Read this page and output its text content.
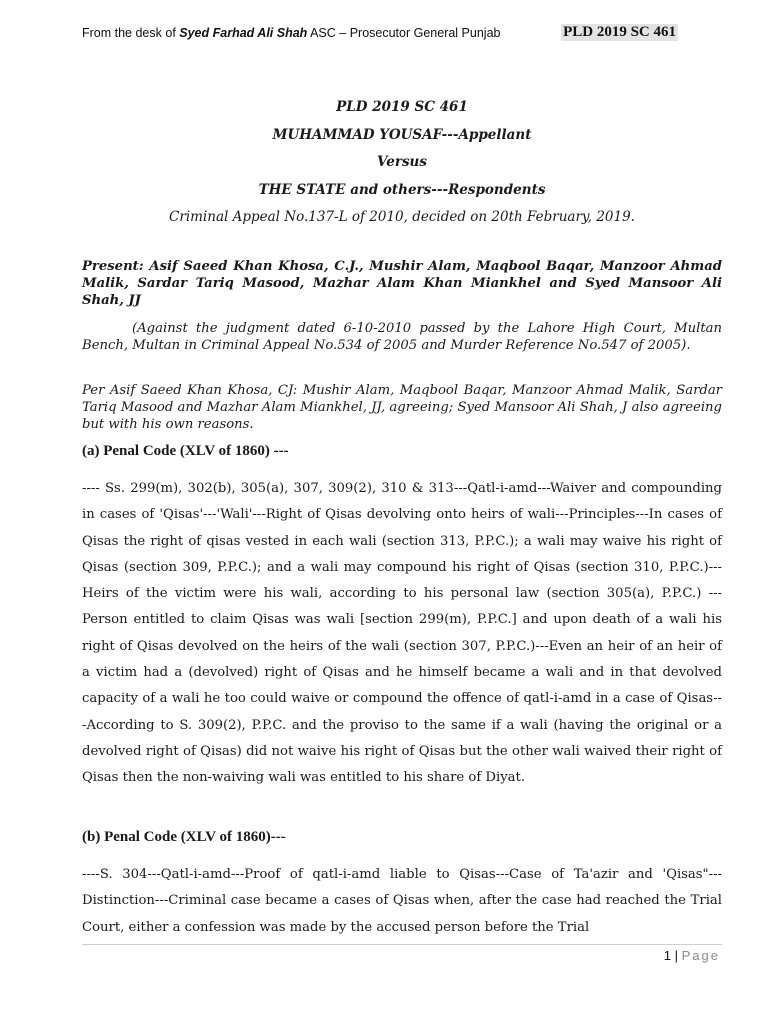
From the desk of Syed Farhad Ali Shah ASC – Prosecutor General Punjab	PLD 2019 SC 461
PLD 2019 SC 461
MUHAMMAD YOUSAF---Appellant
Versus
THE STATE and others---Respondents
Criminal Appeal No.137-L of 2010, decided on 20th February, 2019.
Present: Asif Saeed Khan Khosa, C.J., Mushir Alam, Maqbool Baqar, Manzoor Ahmad Malik, Sardar Tariq Masood, Mazhar Alam Khan Miankhel and Syed Mansoor Ali Shah, JJ
(Against the judgment dated 6-10-2010 passed by the Lahore High Court, Multan Bench, Multan in Criminal Appeal No.534 of 2005 and Murder Reference No.547 of 2005).
Per Asif Saeed Khan Khosa, CJ: Mushir Alam, Maqbool Baqar, Manzoor Ahmad Malik, Sardar Tariq Masood and Mazhar Alam Miankhel, JJ, agreeing; Syed Mansoor Ali Shah, J also agreeing but with his own reasons.
(a) Penal Code (XLV of 1860) ---
---- Ss. 299(m), 302(b), 305(a), 307, 309(2), 310 & 313---Qatl-i-amd---Waiver and compounding in cases of 'Qisas'---'Wali'---Right of Qisas devolving onto heirs of wali---Principles---In cases of Qisas the right of qisas vested in each wali (section 313, P.P.C.); a wali may waive his right of Qisas (section 309, P.P.C.); and a wali may compound his right of Qisas (section 310, P.P.C.)---Heirs of the victim were his wali, according to his personal law (section 305(a), P.P.C.) --- Person entitled to claim Qisas was wali [section 299(m), P.P.C.] and upon death of a wali his right of Qisas devolved on the heirs of the wali (section 307, P.P.C.)---Even an heir of an heir of a victim had a (devolved) right of Qisas and he himself became a wali and in that devolved capacity of a wali he too could waive or compound the offence of qatl-i-amd in a case of Qisas---According to S. 309(2), P.P.C. and the proviso to the same if a wali (having the original or a devolved right of Qisas) did not waive his right of Qisas but the other wali waived their right of Qisas then the non-waiving wali was entitled to his share of Diyat.
(b) Penal Code (XLV of 1860)---
----S. 304---Qatl-i-amd---Proof of qatl-i-amd liable to Qisas---Case of Ta'azir and 'Qisas"---Distinction---Criminal case became a cases of Qisas when, after the case had reached the Trial Court, either a confession was made by the accused person before the Trial
1 | Page
